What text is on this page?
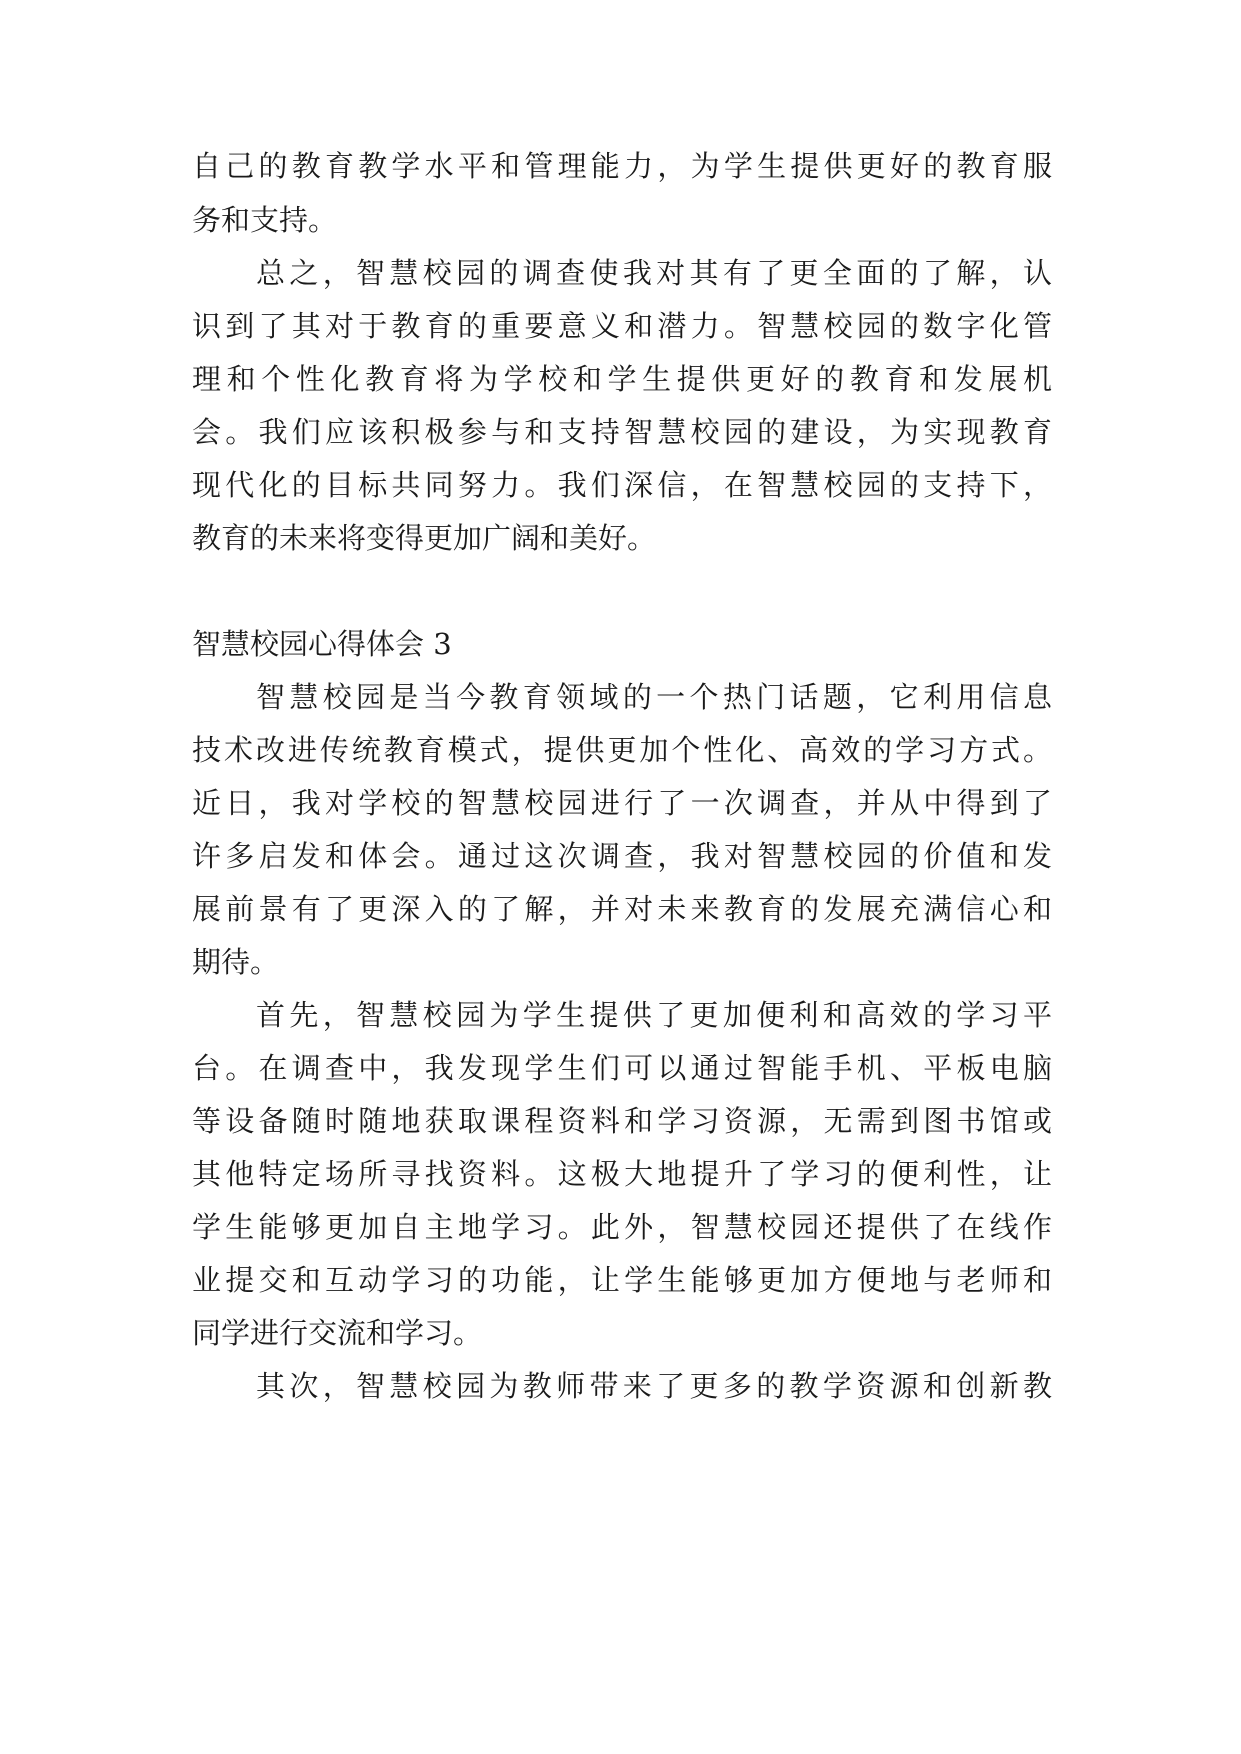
自己的教育教学水平和管理能力，为学生提供更好的教育服

务和支持。

总之，智慧校园的调查使我对其有了更全面的了解，认

识到了其对于教育的重要意义和潜力。智慧校园的数字化管

理和个性化教育将为学校和学生提供更好的教育和发展机

会。我们应该积极参与和支持智慧校园的建设，为实现教育

现代化的目标共同努力。我们深信，在智慧校园的支持下，

教育的未来将变得更加广阔和美好。

智慧校园心得体会 3

智慧校园是当今教育领域的一个热门话题，它利用信息

技术改进传统教育模式，提供更加个性化、高效的学习方式。

近日，我对学校的智慧校园进行了一次调查，并从中得到了

许多启发和体会。通过这次调查，我对智慧校园的价值和发

展前景有了更深入的了解，并对未来教育的发展充满信心和

期待。

首先，智慧校园为学生提供了更加便利和高效的学习平

台。在调查中，我发现学生们可以通过智能手机、平板电脑

等设备随时随地获取课程资料和学习资源，无需到图书馆或

其他特定场所寻找资料。这极大地提升了学习的便利性，让

学生能够更加自主地学习。此外，智慧校园还提供了在线作

业提交和互动学习的功能，让学生能够更加方便地与老师和

同学进行交流和学习。

其次，智慧校园为教师带来了更多的教学资源和创新教
